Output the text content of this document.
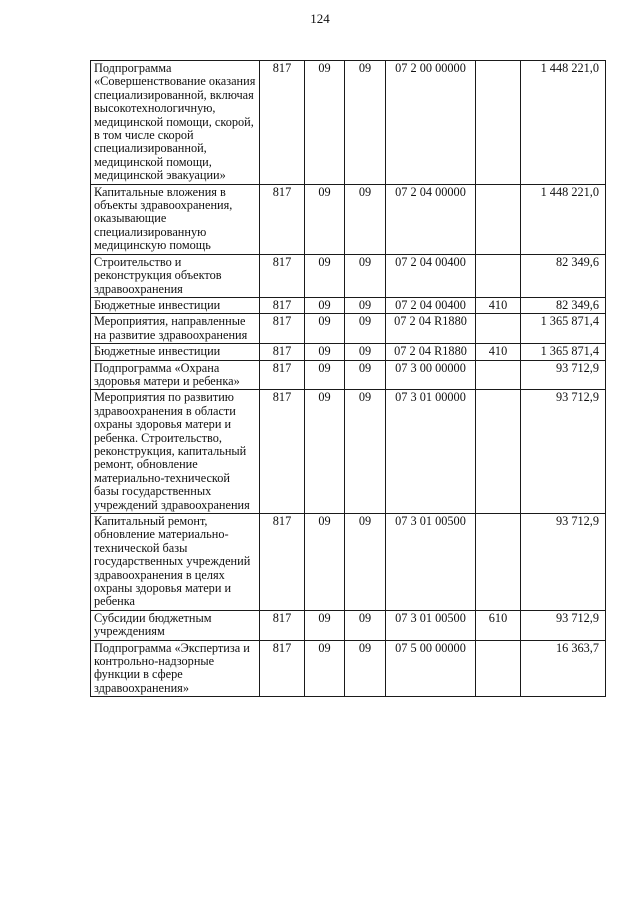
124
Подпрограмма «Совершенствование оказания специализированной, включая высокотехнологичную, медицинской помощи, скорой, в том числе скорой специализированной, медицинской помощи, медицинской эвакуации»	817	09	09	07 2 00 00000		1 448 221,0
Капитальные вложения в объекты здравоохранения, оказывающие специализированную медицинскую помощь	817	09	09	07 2 04 00000		1 448 221,0
Строительство и реконструкция объектов здравоохранения	817	09	09	07 2 04 00400		82 349,6
Бюджетные инвестиции	817	09	09	07 2 04 00400	410	82 349,6
Мероприятия, направленные на развитие здравоохранения	817	09	09	07 2 04 R1880		1 365 871,4
Бюджетные инвестиции	817	09	09	07 2 04 R1880	410	1 365 871,4
Подпрограмма «Охрана здоровья матери и ребенка»	817	09	09	07 3 00 00000		93 712,9
Мероприятия по развитию здравоохранения в области охраны здоровья матери и ребенка. Строительство, реконструкция, капитальный ремонт, обновление материально-технической базы государственных учреждений здравоохранения	817	09	09	07 3 01 00000		93 712,9
Капитальный ремонт, обновление материально-технической базы государственных учреждений здравоохранения в целях охраны здоровья матери и ребенка	817	09	09	07 3 01 00500		93 712,9
Субсидии бюджетным учреждениям	817	09	09	07 3 01 00500	610	93 712,9
Подпрограмма «Экспертиза и контрольно-надзорные функции в сфере здравоохранения»	817	09	09	07 5 00 00000		16 363,7
